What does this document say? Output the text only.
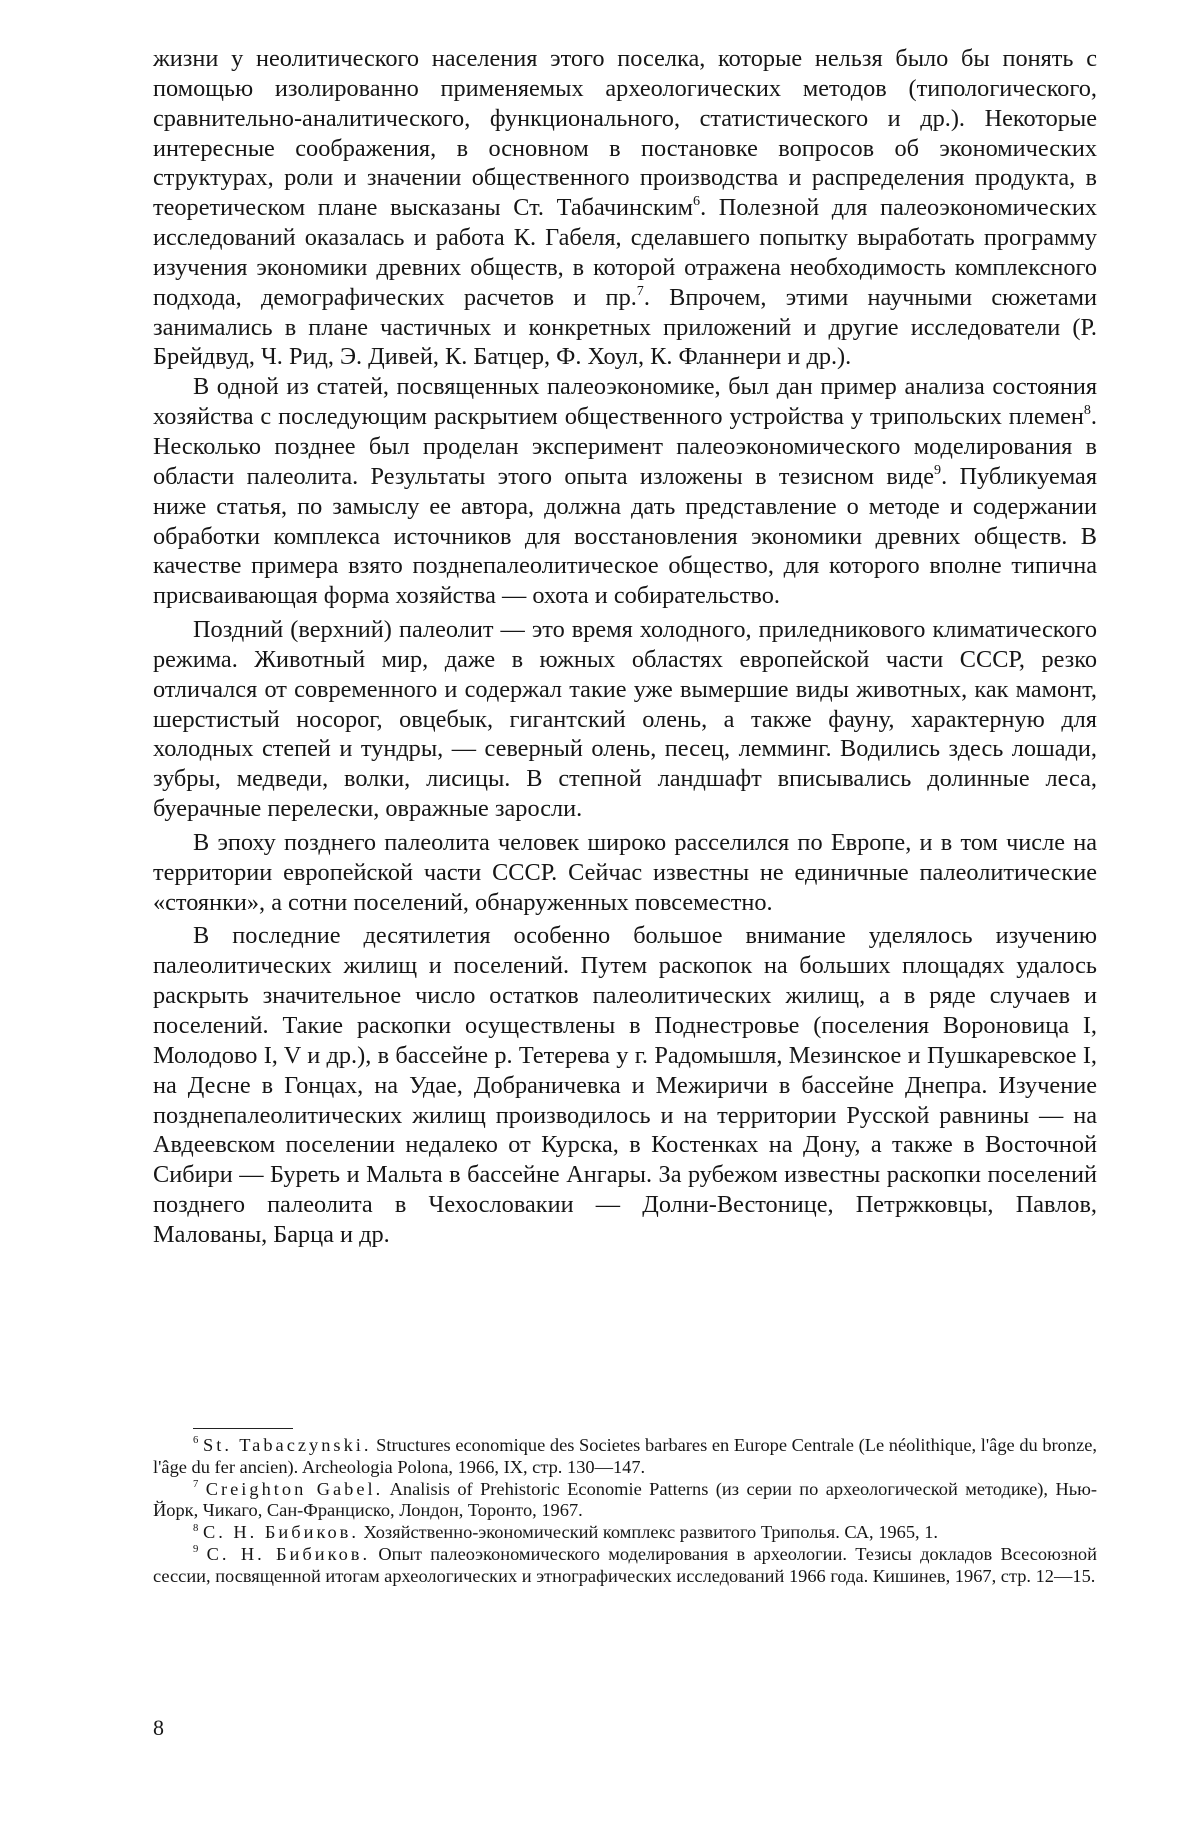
жизни у неолитического населения этого поселка, которые нельзя было бы понять с помощью изолированно применяемых археологических методов (типологического, сравнительно-аналитического, функционального, статистического и др.). Некоторые интересные соображения, в основном в постановке вопросов об экономических структурах, роли и значении общественного производства и распределения продукта, в теоретическом плане высказаны Ст. Табачинским$^6$. Полезной для палеоэкономических исследований оказалась и работа К. Габеля, сделавшего попытку выработать программу изучения экономики древних обществ, в которой отражена необходимость комплексного подхода, демографических расчетов и пр.$^7$. Впрочем, этими научными сюжетами занимались в плане частичных и конкретных приложений и другие исследователи (Р. Брейдвуд, Ч. Рид, Э. Дивей, К. Батцер, Ф. Хоул, К. Фланнери и др.).

В одной из статей, посвященных палеоэкономике, был дан пример анализа состояния хозяйства с последующим раскрытием общественного устройства у трипольских племен$^8$. Несколько позднее был проделан эксперимент палеоэкономического моделирования в области палеолита. Результаты этого опыта изложены в тезисном виде$^9$. Публикуемая ниже статья, по замыслу ее автора, должна дать представление о методе и содержании обработки комплекса источников для восстановления экономики древних обществ. В качестве примера взято позднепалеолитическое общество, для которого вполне типична присваивающая форма хозяйства — охота и собирательство.

Поздний (верхний) палеолит — это время холодного, приледникового климатического режима. Животный мир, даже в южных областях европейской части СССР, резко отличался от современного и содержал такие уже вымершие виды животных, как мамонт, шерстистый носорог, овцебык, гигантский олень, а также фауну, характерную для холодных степей и тундры, — северный олень, песец, лемминг. Водились здесь лошади, зубры, медведи, волки, лисицы. В степной ландшафт вписывались долинные леса, буерачные перелески, овражные заросли.

В эпоху позднего палеолита человек широко расселился по Европе, и в том числе на территории европейской части СССР. Сейчас известны не единичные палеолитические «стоянки», а сотни поселений, обнаруженных повсеместно.

В последние десятилетия особенно большое внимание уделялось изучению палеолитических жилищ и поселений. Путем раскопок на больших площадях удалось раскрыть значительное число остатков палеолитических жилищ, а в ряде случаев и поселений. Такие раскопки осуществлены в Поднестровье (поселения Вороновица I, Молодово I, V и др.), в бассейне р. Тетерева у г. Радомышля, Мезинское и Пушкаревское I, на Десне в Гонцах, на Удае, Добраничевка и Межиричи в бассейне Днепра. Изучение позднепалеолитических жилищ производилось и на территории Русской равнины — на Авдеевском поселении недалеко от Курска, в Костенках на Дону, а также в Восточной Сибири — Буреть и Мальта в бассейне Ангары. За рубежом известны раскопки поселений позднего палеолита в Чехословакии — Долни-Вестонице, Петржковцы, Павлов, Малованы, Барца и др.

$^6$ St. Tabaczynski. Structures economique des Societes barbares en Europe Centrale (Le néolithique, l'âge du bronze, l'âge du fer ancien). Archeologia Polona, 1966, IX, стр. 130—147.

$^7$ Creighton Gabel. Analisis of Prehistoric Economie Patterns (из серии по археологической методике), Нью-Йорк, Чикаго, Сан-Франциско, Лондон, Торонто, 1967.

$^8$ С. Н. Бибиков. Хозяйственно-экономический комплекс развитого Триполья. СА, 1965, 1.

$^9$ С. Н. Бибиков. Опыт палеоэкономического моделирования в археологии. Тезисы докладов Всесоюзной сессии, посвященной итогам археологических и этнографических исследований 1966 года. Кишинев, 1967, стр. 12—15.

8
